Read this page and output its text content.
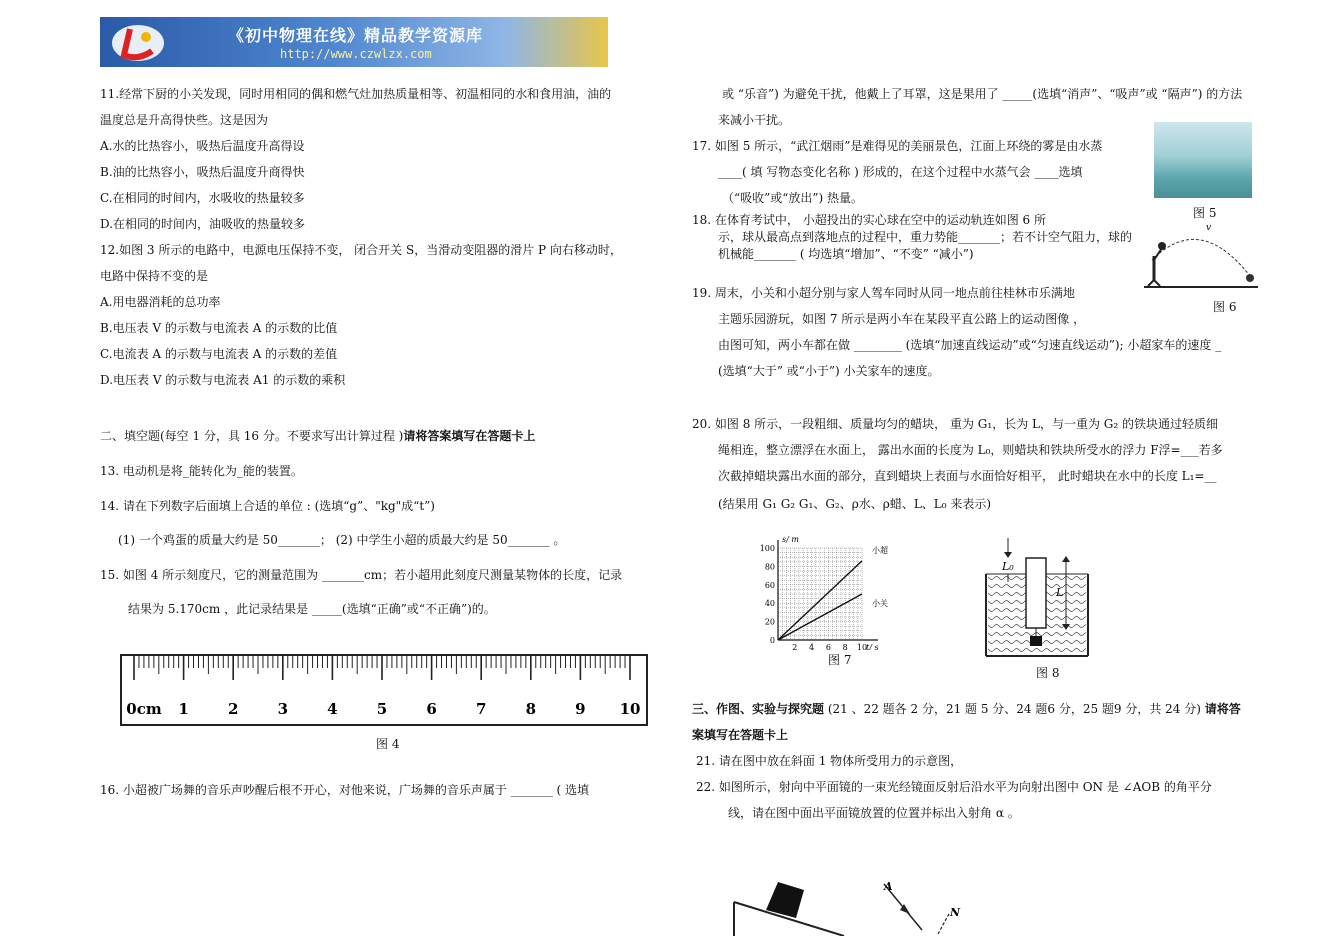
《初中物理在线》精品教学资源库
http://www.czwlzx.com
11.经常下厨的小关发现，同时用相同的偶和燃气灶加热质量相等、初温相同的水和食用油，油的
温度总是升高得快些。这是因为
A.水的比热容小，吸热后温度升高得设
B.油的比热容小，吸热后温度升商得快
C.在相同的时间内，水吸收的热量较多
D.在相同的时间内，油吸收的热量较多
12.如图 3 所示的电路中，电源电压保持不变， 闭合开关 S，当滑动变阻器的滑片 P 向右移动时，
电路中保持不变的是
A.用电器消耗的总功率
B.电压表 V 的示数与电流表 A 的示数的比值
C.电流表 A 的示数与电流表 A 的示数的差值
D.电压表 V 的示数与电流表 A1 的示数的乘积
二、填空题(每空 1 分，具 16 分。不要求写出计算过程 )请将答案填写在答题卡上
13. 电动机是将_能转化为_能的装置。
14. 请在下列数字后面填上合适的单位 : (选填“g”、"kg"成“t”)
(1) 一个鸡蛋的质量大约是 50_______； (2) 中学生小超的质最大约是 50_______ 。
15. 如图 4 所示刻度尺，它的测量范围为 _______cm；若小超用此刻度尺测量某物体的长度，记录
结果为 5.170cm ，此记录结果是 _____(选填“正确”或“不正确”)的。
0cm 1	2	3	4	5	6	7	8	9 10
图 4
16. 小超被广场舞的音乐声吵醒后根不开心，对他来说，广场舞的音乐声属于 _______ ( 选填
或 “乐音”) 为避免干扰，他戴上了耳罩，这是果用了 _____(选填“消声”、“吸声”或 “隔声”) 的方法
来减小干扰。
17. 如图 5 所示，“武江烟雨”是难得见的美丽景色，江面上环绕的雾是由水蒸
____( 填 写物态变化名称 ) 形成的，在这个过程中水蒸气会 ____选填
（“吸收”或“放出”) 热量。
图 5
18. 在体育考试中， 小超投出的实心球在空中的运动轨连如图 6 所
示，球从最高点到落地点的过程中，重力势能_______；若不计空气阻力，球的
机械能_______ ( 均选填“增加”、“不变” “减小”)
v
图 6
19. 周末，小关和小超分别与家人驾车同时从同一地点前往桂林市乐满地
主题乐园游玩，如图 7 所示是两小车在某段平直公路上的运动图像 ，
由图可知，两小车都在做 ________ (选填“加速直线运动”或“匀速直线运动”); 小超家车的速度 _
(选填“大于” 或“小于”) 小关家车的速度。
20. 如图 8 所示，一段粗细、质量均匀的蜡块， 重为 G₁，长为 L，与一重为 G₂ 的铁块通过轻质细
绳相连，整立漂浮在水面上， 露出水面的长度为 L₀，则蜡块和铁块所受水的浮力 F浮=___若多
次截掉蜡块露出水面的部分，直到蜡块上表面与水面恰好相平， 此时蜡块在水中的长度 L₁=__
(结果用 G₁ G₂ G₁、G₂、ρ水、ρ蜡、L、L₀ 来表示)
s/ m
t/ s
100
80
60
40
20
0
2 4 6 8 10
小超
小关
图 7
L₀
L
图 8
三、作图、实验与探究题 (21 、22 题各 2 分，21 题 5 分、24 题6 分，25 题9 分，共 24 分) 请将答
案填写在答题卡上
21. 请在图中放在斜面 1 物体所受用力的示意图，
22. 如图所示，射向中平面镜的一束光经镜面反射后沿水平为向射出图中 ON 是 ∠AOB 的角平分
线，请在图中面出平面镜放置的位置并标出入射角 α 。
A
N
